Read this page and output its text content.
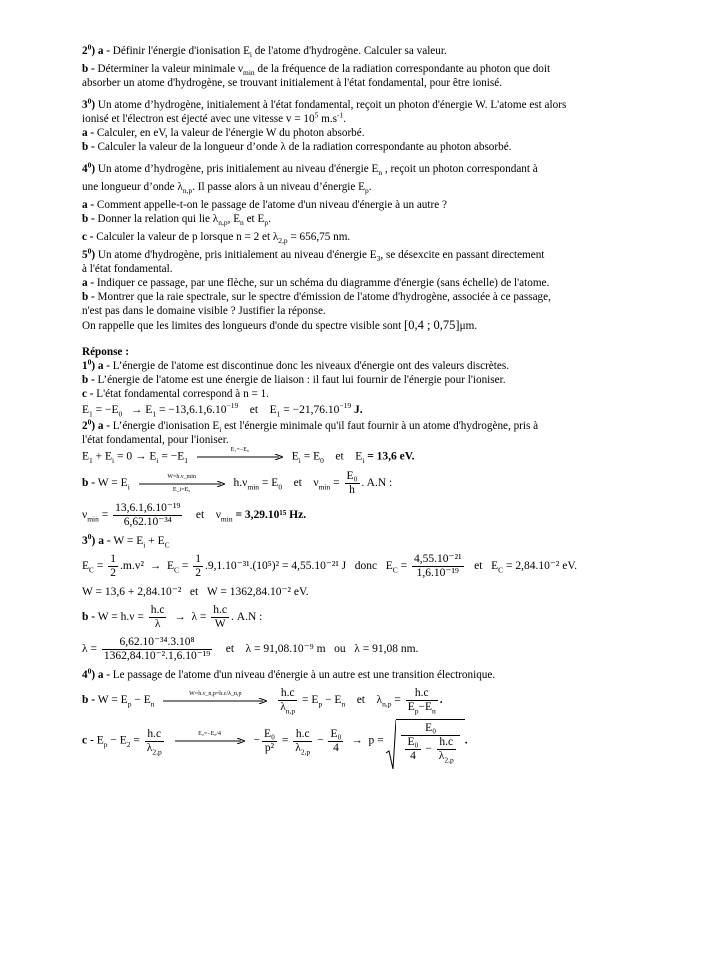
$2^0$) a - Définir l'énergie d'ionisation $E_i$ de l'atome d'hydrogène. Calculer sa valeur.

b - Déterminer la valeur minimale $\nu_{min}$ de la fréquence de la radiation correspondante au photon que doit

absorber un atome d'hydrogène, se trouvant initialement à l'état fondamental, pour être ionisé.

$3^0$) Un atome d’hydrogène, initialement à l'état fondamental, reçoit un photon d'énergie W. L'atome est alors

ionisé et l'électron est éjecté avec une vitesse $v = 10^5$ $m.s^{-1}$.

a - Calculer, en eV, la valeur de l'énergie W du photon absorbé.

b - Calculer la valeur de la longueur d’onde λ de la radiation correspondante au photon absorbé.

$4^0$) Un atome d’hydrogène, pris initialement au niveau d'énergie $E_n$ , reçoit un photon correspondant à

une longueur d’onde $\lambda_{n,p}$. Il passe alors à un niveau d’énergie $E_p$.

a - Comment appelle-t-on le passage de l'atome d'un niveau d'énergie à un autre ?

b - Donner la relation qui lie $\lambda_{n,p}$, $E_n$ et $E_p$.

c - Calculer la valeur de p lorsque n = 2 et $\lambda_{2,p} = 656,75$ nm.

$5^0$) Un atome d'hydrogène, pris initialement au niveau d'énergie $E_3$, se désexcite en passant directement

à l'état fondamental.

a - Indiquer ce passage, par une flèche, sur un schéma du diagramme d'énergie (sans échelle) de l'atome.

b - Montrer que la raie spectrale, sur le spectre d'émission de l'atome d'hydrogène, associée à ce passage,

n'est pas dans le domaine visible ? Justifier la réponse.

On rappelle que les limites des longueurs d'onde du spectre visible sont [0,4 ; 0,75]μm.

Réponse :

$1^0$) a - L’énergie de l'atome est discontinue donc les niveaux d'énergie ont des valeurs discrètes.

b - L’énergie de l'atome est une énergie de liaison : il faut lui fournir de l'énergie pour l'ioniser.

c - L'état fondamental correspond à n = 1.

$E_1 = -E_0 \to E_1 = -13,6.1,6.10^{-19}$ et $E_1 = -21,76.10^{-19}$ J.

$2^0$) a - L’énergie d'ionisation $E_i$ est l'énergie minimale qu'il faut fournir à un atome d'hydrogène, pris à

l'état fondamental, pour l'ioniser.

$E_1 + E_i = 0 \to E_i = -E_1$
E₁=−E₀
$E_i = E_0$ et $E_i = 13,6$ eV.

$b - W = E_i$
W=h.ν_min
E_i=E₀
$h.\nu_{min} = E_0$ et $\nu_{min} = \frac{\text{E₀}}{h}$ . A.N :

$\nu_{min} = \frac{\text{13,6.1,6.10⁻¹⁹}}{\text{6,62.10⁻³⁴}}$ et $\nu_{min} = 3,29.10^{15}$ Hz.

$3^0$) $a - W = E_i + E_C$

$E_C = \frac{1}{2} .m.v^2 \to E_C = \frac{1}{2} .9,1.10^{-31}.(10^5)^2 = 4,55.10^{-21}$ J donc $E_C = \frac{\text{4,55.10⁻²¹}}{\text{1,6.10⁻¹⁹}}$ et $E_C = 2,84.10^{-2}$ eV.

W = 13,6 + 2,84.10⁻² et W = 1362,84.10⁻² eV.

$b - W = h.\nu = \frac{h.c}{\lambda} \to \lambda = \frac{h.c}{W}$ . A.N :

$\lambda = \frac{\text{6,62.10⁻³⁴.3.10⁸}}{\text{1362,84.10⁻².1,6.10⁻¹⁹}}$ et λ = 91,08.10⁻⁹ m ou λ = 91,08 nm.

$4^0$) a - Le passage de l'atome d'un niveau d'énergie à un autre est une transition électronique.

$b - W = E_p - E_n$
W=h.ν_n,p=h.c/λ_n,p
	$\frac{h.c}{\lambda_{n,p}} = E_p - E_n$ et $\lambda_{n,p} = \frac{h.c}{E_p-E_n}$ .

$c - E_p - E_2 = \frac{h.c}{\lambda_{2,p}}$
	E₂=−E₀/4
− $\frac{\text{E₀}}{\text{p²}} = \frac{h.c}{\lambda_{2,p}} - \frac{\text{E₀}}{4} \to p = \frac{\text{E₀}}{\frac{\text{E₀}}{4} - \frac{h.c}{\lambda_{2,p}}}$ .
